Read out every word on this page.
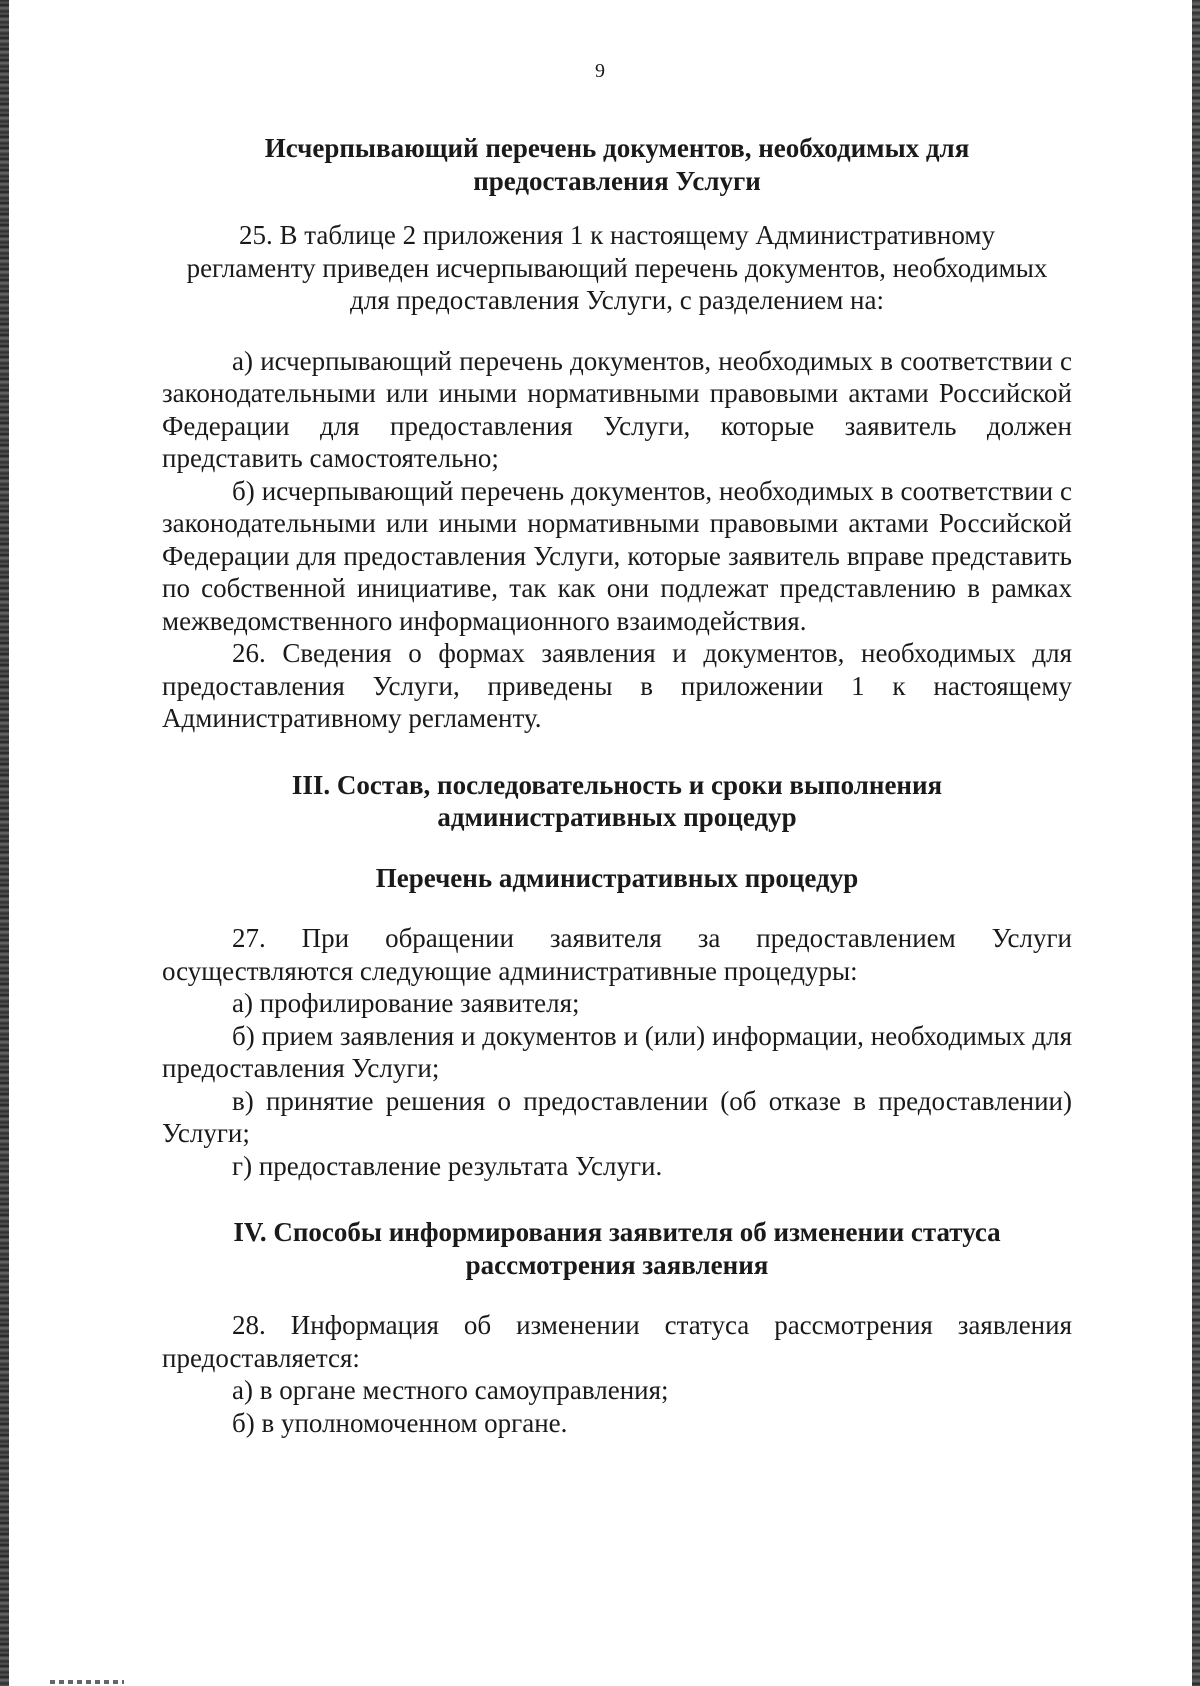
9

Исчерпывающий перечень документов, необходимых для предоставления Услуги

25. В таблице 2 приложения 1 к настоящему Административному регламенту приведен исчерпывающий перечень документов, необходимых для предоставления Услуги, с разделением на:

а) исчерпывающий перечень документов, необходимых в соответствии с законодательными или иными нормативными правовыми актами Российской Федерации для предоставления Услуги, которые заявитель должен представить самостоятельно;

б) исчерпывающий перечень документов, необходимых в соответствии с законодательными или иными нормативными правовыми актами Российской Федерации для предоставления Услуги, которые заявитель вправе представить по собственной инициативе, так как они подлежат представлению в рамках межведомственного информационного взаимодействия.

26. Сведения о формах заявления и документов, необходимых для предоставления Услуги, приведены в приложении 1 к настоящему Административному регламенту.

III. Состав, последовательность и сроки выполнения административных процедур

Перечень административных процедур

27. При обращении заявителя за предоставлением Услуги осуществляются следующие административные процедуры:

а) профилирование заявителя;

б) прием заявления и документов и (или) информации, необходимых для предоставления Услуги;

в) принятие решения о предоставлении (об отказе в предоставлении) Услуги;

г) предоставление результата Услуги.

IV. Способы информирования заявителя об изменении статуса рассмотрения заявления

28. Информация об изменении статуса рассмотрения заявления предоставляется:

а) в органе местного самоуправления;

б) в уполномоченном органе.
